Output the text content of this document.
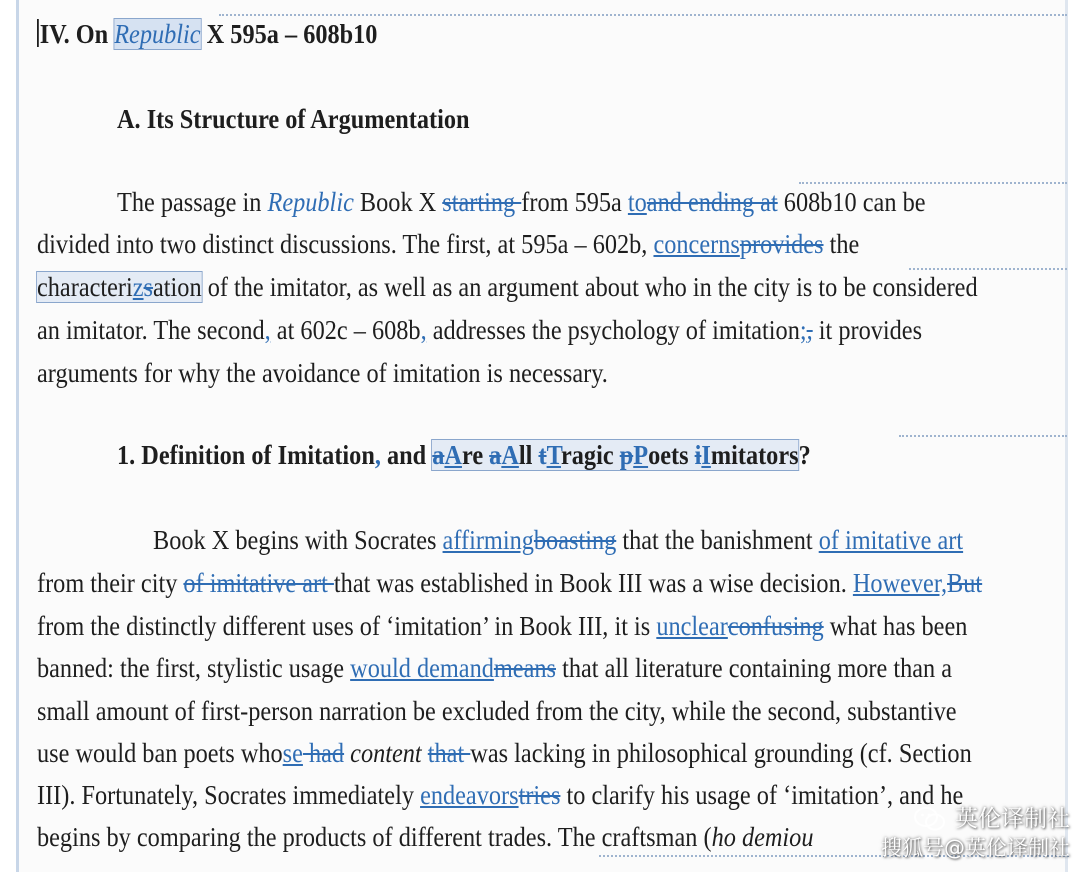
IV. On Republic X 595a – 608b10
A. Its Structure of Argumentation
The passage in Republic Book X starting from 595a toand ending at 608b10 can be
divided into two distinct discussions. The first, at 595a – 602b, concernsprovides the
characterizsation of the imitator, as well as an argument about who in the city is to be considered
an imitator. The second, at 602c – 608b, addresses the psychology of imitation;, it provides
arguments for why the avoidance of imitation is necessary.
1. Definition of Imitation, and aAre aAll tTragic pPoets iImitators?
Book X begins with Socrates affirmingboasting that the banishment of imitative art
from their city of imitative art that was established in Book III was a wise decision. However,But
from the distinctly different uses of ‘imitation’ in Book III, it is unclearconfusing what has been
banned: the first, stylistic usage would demandmeans that all literature containing more than a
small amount of first-person narration be excluded from the city, while the second, substantive
use would ban poets whose had content that was lacking in philosophical grounding (cf. Section
III). Fortunately, Socrates immediately endeavorstries to clarify his usage of ‘imitation’, and he
begins by comparing the products of different trades. The craftsman (ho demiou
英伦译制社
搜狐号@英伦译制社
